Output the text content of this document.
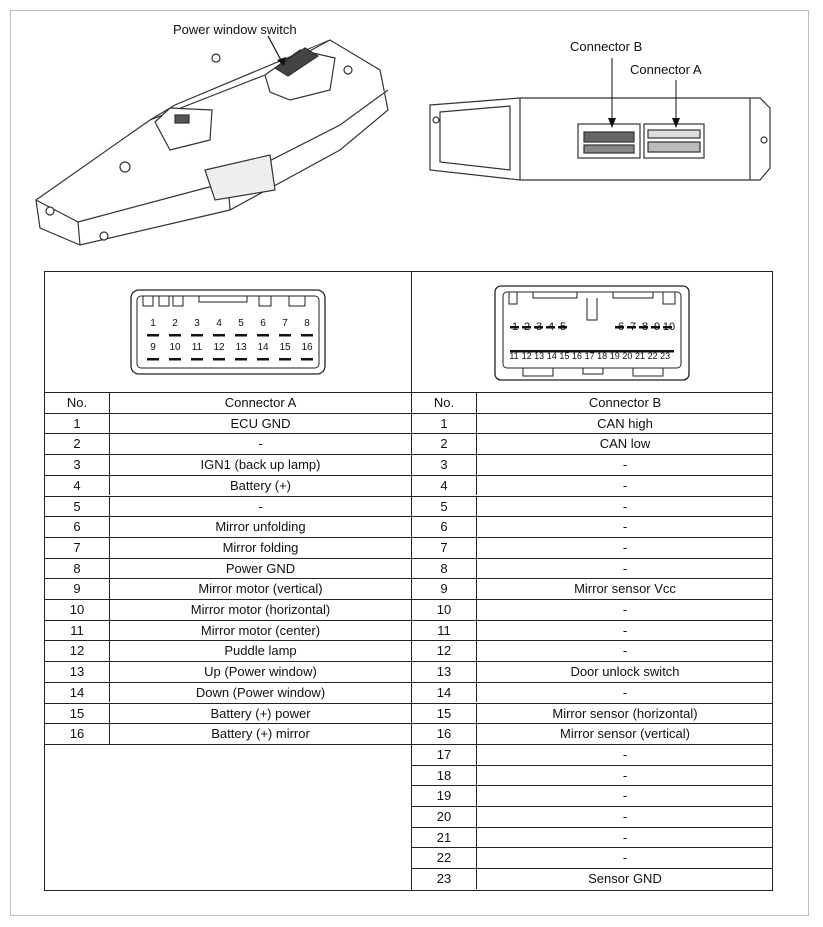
Power window switch
Connector B
Connector A
1	2	3	4	5	6	7	8
9	10	11	12	13	14	15	16
1 2 3 4 5	6 7 8 9 10
11 12 13 14 15 16 17 18 19 20 21 22 23
No.	Connector A
1	ECU GND
2	-
3	IGN1 (back up lamp)
4	Battery (+)
5	-
6	Mirror unfolding
7	Mirror folding
8	Power GND
9	Mirror motor (vertical)
10	Mirror motor (horizontal)
11	Mirror motor (center)
12	Puddle lamp
13	Up (Power window)
14	Down (Power window)
15	Battery (+) power
16	Battery (+) mirror
No.	Connector B
1	CAN high
2	CAN low
3	-
4	-
5	-
6	-
7	-
8	-
9	Mirror sensor Vcc
10	-
11	-
12	-
13	Door unlock switch
14	-
15	Mirror sensor (horizontal)
16	Mirror sensor (vertical)
17	-
18	-
19	-
20	-
21	-
22	-
23	Sensor GND
